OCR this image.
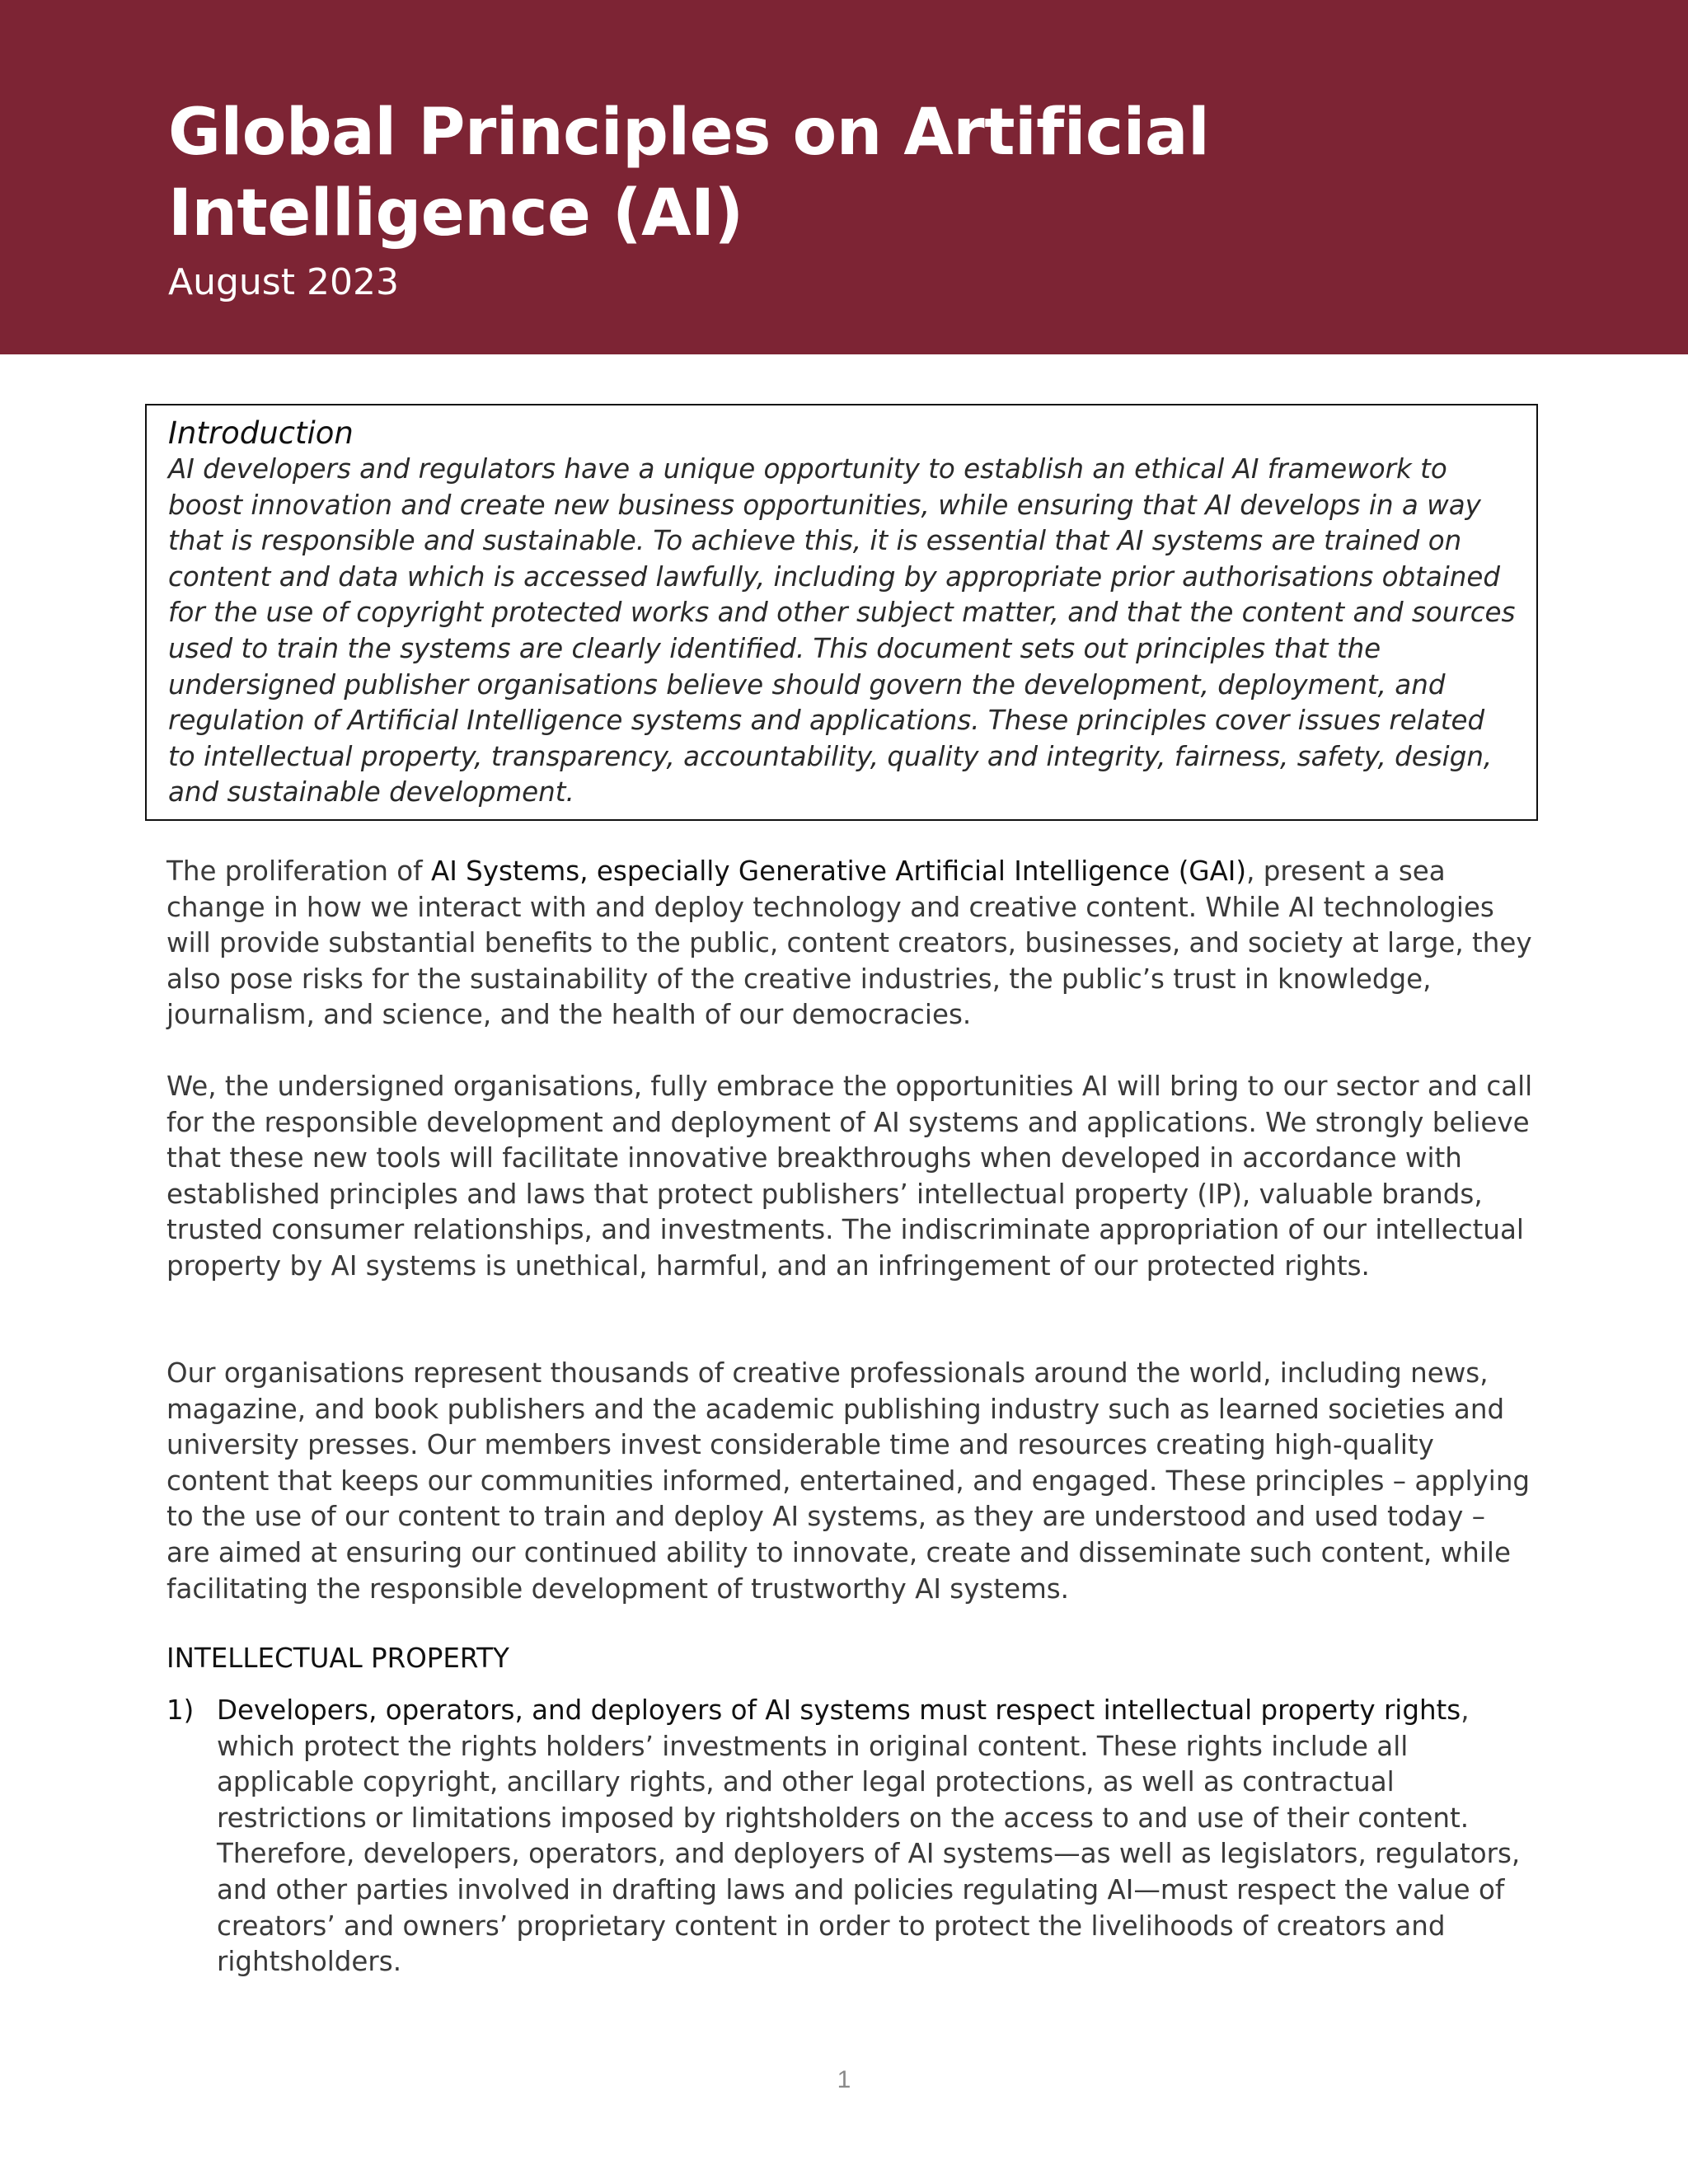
Global Principles on Artificial Intelligence (AI)

August 2023

Introduction

AI developers and regulators have a unique opportunity to establish an ethical AI framework to boost innovation and create new business opportunities, while ensuring that AI develops in a way that is responsible and sustainable. To achieve this, it is essential that AI systems are trained on content and data which is accessed lawfully, including by appropriate prior authorisations obtained for the use of copyright protected works and other subject matter, and that the content and sources used to train the systems are clearly identified. This document sets out principles that the undersigned publisher organisations believe should govern the development, deployment, and regulation of Artificial Intelligence systems and applications. These principles cover issues related to intellectual property, transparency, accountability, quality and integrity, fairness, safety, design, and sustainable development.

The proliferation of AI Systems, especially Generative Artificial Intelligence (GAI), present a sea change in how we interact with and deploy technology and creative content. While AI technologies will provide substantial benefits to the public, content creators, businesses, and society at large, they also pose risks for the sustainability of the creative industries, the public’s trust in knowledge, journalism, and science, and the health of our democracies.

We, the undersigned organisations, fully embrace the opportunities AI will bring to our sector and call for the responsible development and deployment of AI systems and applications. We strongly believe that these new tools will facilitate innovative breakthroughs when developed in accordance with established principles and laws that protect publishers’ intellectual property (IP), valuable brands, trusted consumer relationships, and investments. The indiscriminate appropriation of our intellectual property by AI systems is unethical, harmful, and an infringement of our protected rights.

Our organisations represent thousands of creative professionals around the world, including news, magazine, and book publishers and the academic publishing industry such as learned societies and university presses. Our members invest considerable time and resources creating high-quality content that keeps our communities informed, entertained, and engaged. These principles – applying to the use of our content to train and deploy AI systems, as they are understood and used today – are aimed at ensuring our continued ability to innovate, create and disseminate such content, while facilitating the responsible development of trustworthy AI systems.

INTELLECTUAL PROPERTY

1) Developers, operators, and deployers of AI systems must respect intellectual property rights, which protect the rights holders’ investments in original content. These rights include all applicable copyright, ancillary rights, and other legal protections, as well as contractual restrictions or limitations imposed by rightsholders on the access to and use of their content. Therefore, developers, operators, and deployers of AI systems—as well as legislators, regulators, and other parties involved in drafting laws and policies regulating AI—must respect the value of creators’ and owners’ proprietary content in order to protect the livelihoods of creators and rightsholders.

1
